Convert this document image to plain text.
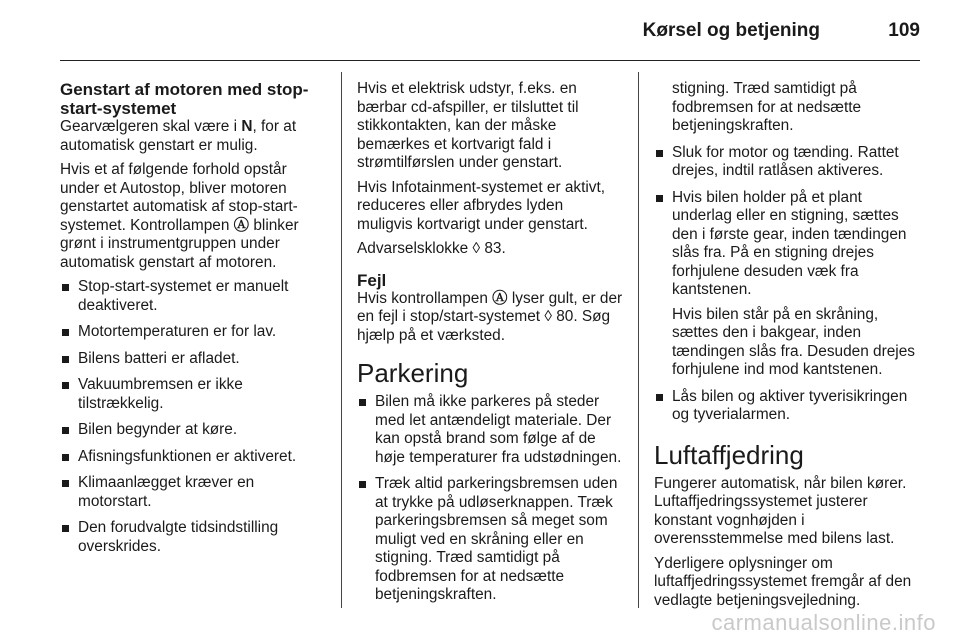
Kørsel og betjening	109
Genstart af motoren med stop-start-systemet

Gearvælgeren skal være i N, for at automatisk genstart er mulig.

Hvis et af følgende forhold opstår under et Autostop, bliver motoren genstartet automatisk af stop-start-systemet. Kontrollampen Ⓐ blinker grønt i instrumentgruppen under automatisk genstart af motoren.

Stop-start-systemet er manuelt deaktiveret.
Motortemperaturen er for lav.
Bilens batteri er afladet.
Vakuumbremsen er ikke tilstrækkelig.
Bilen begynder at køre.
Afisningsfunktionen er aktiveret.
Klimaanlægget kræver en motorstart.
Den forudvalgte tidsindstilling overskrides.

Hvis et elektrisk udstyr, f.eks. en bærbar cd-afspiller, er tilsluttet til stikkontakten, kan der måske bemærkes et kortvarigt fald i strømtilførslen under genstart.

Hvis Infotainment-systemet er aktivt, reduceres eller afbrydes lyden muligvis kortvarigt under genstart.

Advarselsklokke ◊ 83.

Fejl

Hvis kontrollampen Ⓐ lyser gult, er der en fejl i stop/start-systemet ◊ 80. Søg hjælp på et værksted.

Parkering
Bilen må ikke parkeres på steder med let antændeligt materiale. Der kan opstå brand som følge af de høje temperaturer fra udstødningen.
Træk altid parkeringsbremsen uden at trykke på udløserknappen. Træk parkeringsbremsen så meget som muligt ved en skråning eller en stigning. Træd samtidigt på fodbremsen for at nedsætte betjeningskraften.
stigning. Træd samtidigt på fodbremsen for at nedsætte betjeningskraften.
Sluk for motor og tænding. Rattet drejes, indtil ratlåsen aktiveres.
Hvis bilen holder på et plant underlag eller en stigning, sættes den i første gear, inden tændingen slås fra. På en stigning drejes forhjulene desuden væk fra kantstenen.
Hvis bilen står på en skråning, sættes den i bakgear, inden tændingen slås fra. Desuden drejes forhjulene ind mod kantstenen.
Lås bilen og aktiver tyverisikringen og tyverialarmen.
Luftaffjedring

Fungerer automatisk, når bilen kører. Luftaffjedringssystemet justerer konstant vognhøjden i overensstemmelse med bilens last.

Yderligere oplysninger om luftaffjedringssystemet fremgår af den vedlagte betjeningsvejledning.

carmanualsonline.info
